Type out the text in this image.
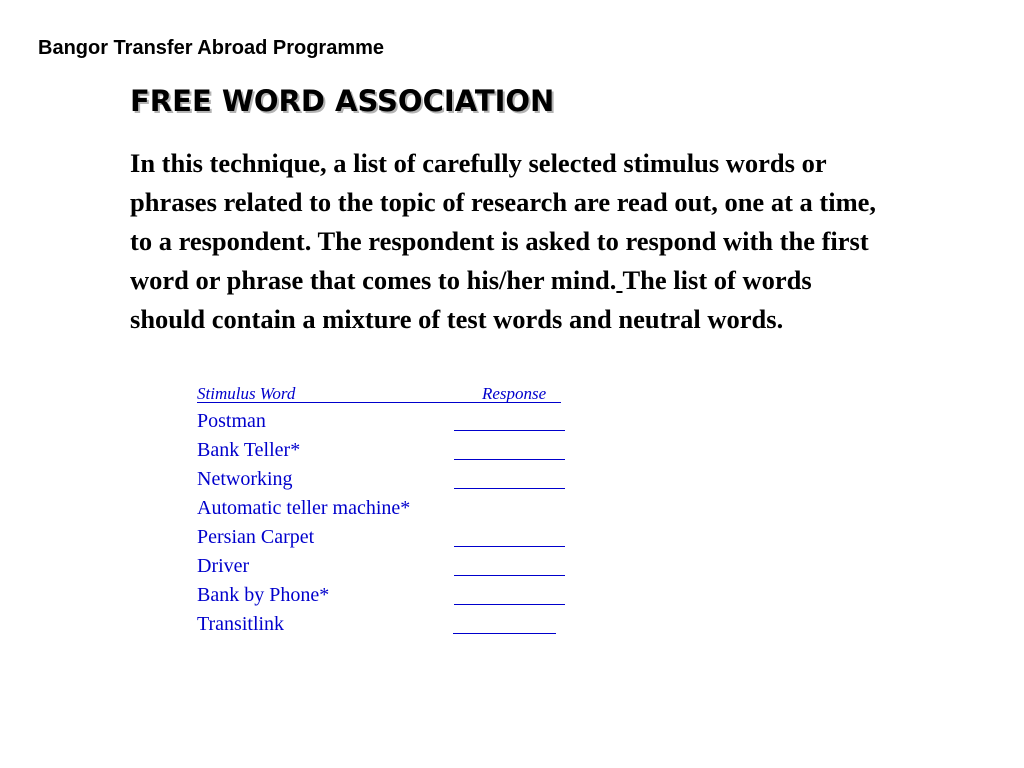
Bangor Transfer Abroad Programme
FREE WORD ASSOCIATION
In this technique, a list of carefully selected stimulus words or
phrases related to the topic of research are read out, one at a time,
to a respondent. The respondent is asked to respond with the first
word or phrase that comes to his/her mind. The list of words
should contain a mixture of test words and neutral words.
Stimulus Word	Response
Postman
Bank Teller*
Networking
Automatic teller machine*
Persian Carpet
Driver
Bank by Phone*
Transitlink
